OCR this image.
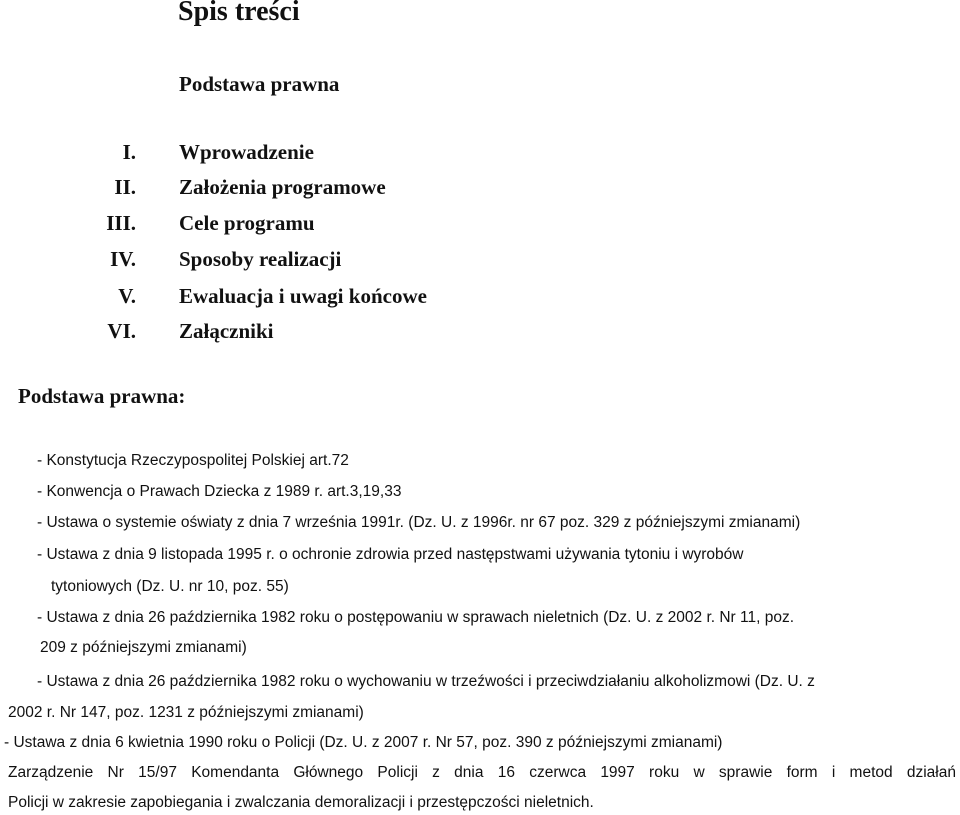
Spis treści
Podstawa prawna
I. Wprowadzenie
II. Założenia programowe
III. Cele programu
IV. Sposoby realizacji
V. Ewaluacja i uwagi końcowe
VI. Załączniki
Podstawa prawna:
- Konstytucja Rzeczypospolitej Polskiej art.72
- Konwencja o Prawach Dziecka z 1989 r. art.3,19,33
- Ustawa o systemie oświaty z dnia 7 września 1991r. (Dz. U. z 1996r. nr 67 poz. 329 z późniejszymi zmianami)
- Ustawa z dnia 9 listopada 1995 r. o ochronie zdrowia przed następstwami używania tytoniu i wyrobów
tytoniowych (Dz. U. nr 10, poz. 55)
- Ustawa z dnia 26 października 1982 roku o postępowaniu w sprawach nieletnich (Dz. U. z 2002 r. Nr 11, poz.
209 z późniejszymi zmianami)
- Ustawa z dnia 26 października 1982 roku o wychowaniu w trzeźwości i przeciwdziałaniu alkoholizmowi (Dz. U. z
2002 r. Nr 147, poz. 1231 z późniejszymi zmianami)
- Ustawa z dnia 6 kwietnia 1990 roku o Policji (Dz. U. z 2007 r. Nr 57, poz. 390 z późniejszymi zmianami)
Zarządzenie Nr 15/97 Komendanta Głównego Policji z dnia 16 czerwca 1997 roku w sprawie form i metod działań
Policji w zakresie zapobiegania i zwalczania demoralizacji i przestępczości nieletnich.
